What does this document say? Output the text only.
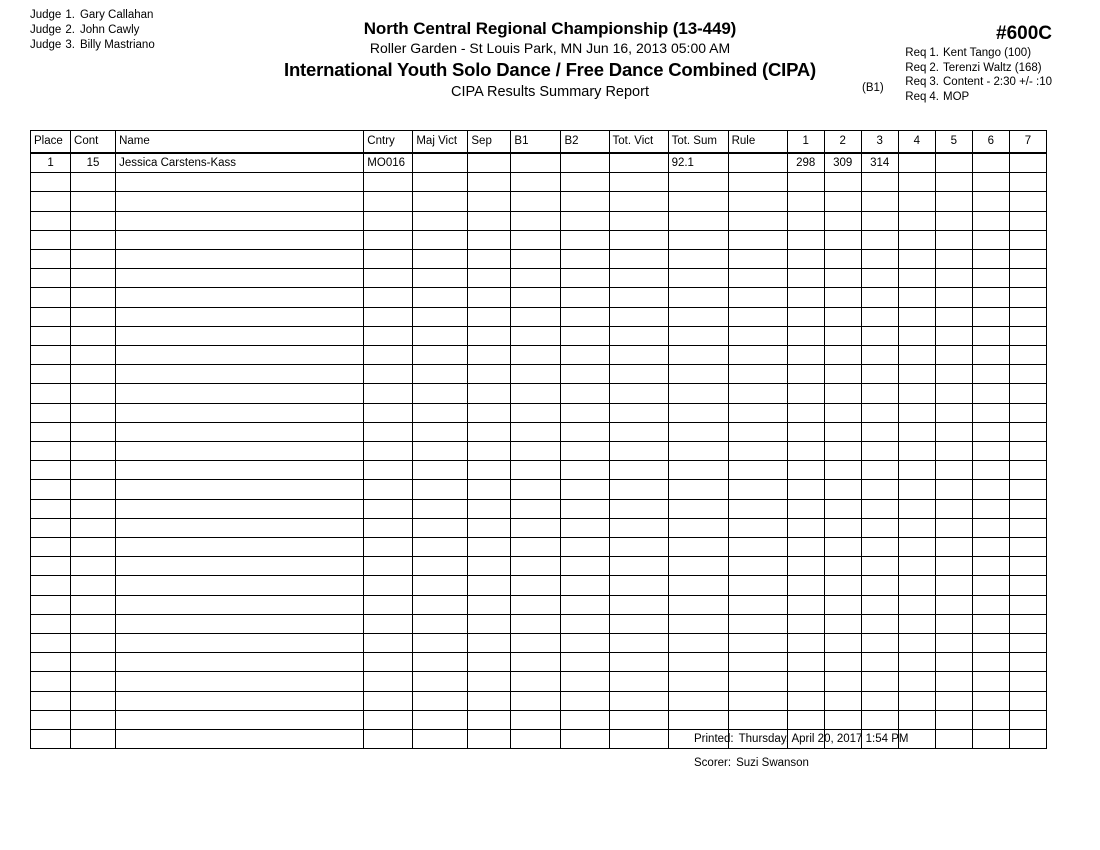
Judge 1. Gary Callahan
Judge 2. John Cawly
Judge 3. Billy Mastriano
North Central Regional Championship (13-449)
Roller Garden - St Louis Park, MN Jun 16, 2013 05:00 AM
International Youth Solo Dance / Free Dance Combined (CIPA)
CIPA Results Summary Report	(B1)
#600C
Req 1. Kent Tango (100)
Req 2. Terenzi Waltz (168)
Req 3. Content - 2:30 +/- :10
Req 4. MOP
Place	Cont	Name	Cntry	Maj Vict	Sep	B1	B2	Tot. Vict	Tot. Sum	Rule	1	2	3	4	5	6	7
1	15	Jessica Carstens-Kass	MO016						92.1		298	309	314				

Printed: Thursday, April 20, 2017 1:54 PM
Scorer: Suzi Swanson
